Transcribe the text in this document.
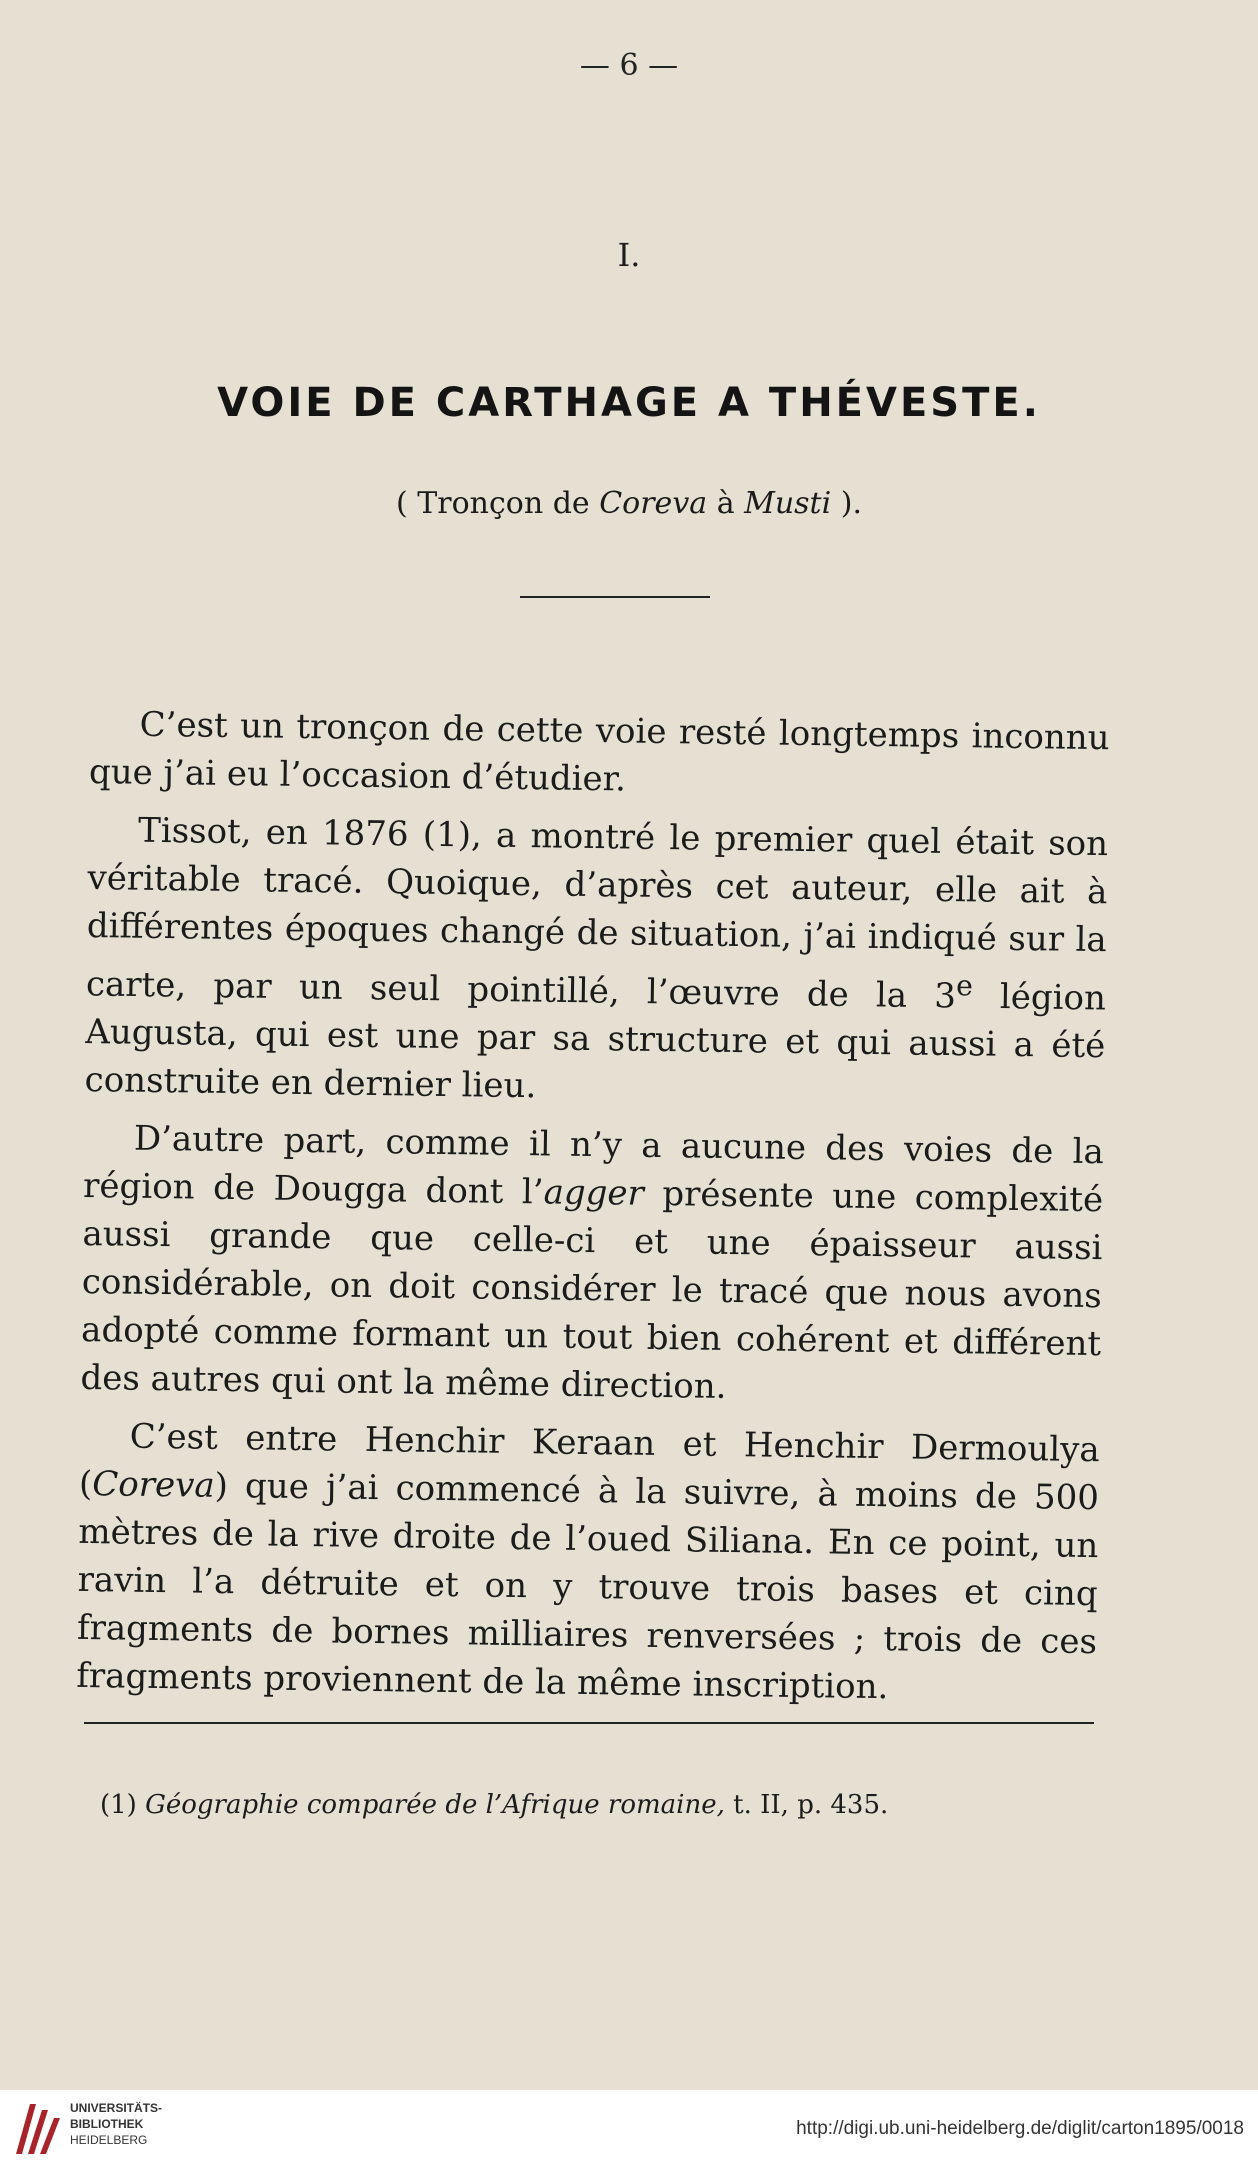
— 6 —
I.
VOIE DE CARTHAGE A THÉVESTE.
( Tronçon de Coreva à Musti ).

C’est un tronçon de cette voie resté longtemps inconnu que j’ai eu l’occasion d’étudier.

Tissot, en 1876 (1), a montré le premier quel était son véritable tracé. Quoique, d’après cet auteur, elle ait à différentes époques changé de situation, j’ai indiqué sur la carte, par un seul pointillé, l’œuvre de la 3e légion Augusta, qui est une par sa structure et qui aussi a été construite en dernier lieu.

D’autre part, comme il n’y a aucune des voies de la région de Dougga dont l’agger présente une complexité aussi grande que celle-ci et une épaisseur aussi considérable, on doit considérer le tracé que nous avons adopté comme formant un tout bien cohérent et différent des autres qui ont la même direction.

C’est entre Henchir Keraan et Henchir Dermoulya (Coreva) que j’ai commencé à la suivre, à moins de 500 mètres de la rive droite de l’oued Siliana. En ce point, un ravin l’a détruite et on y trouve trois bases et cinq fragments de bornes milliaires renversées ; trois de ces fragments proviennent de la même inscription.

(1) Géographie comparée de l’Afrique romaine, t. II, p. 435.
UNIVERSITÄTS-
BIBLIOTHEK
HEIDELBERG
http://digi.ub.uni-heidelberg.de/diglit/carton1895/0018
